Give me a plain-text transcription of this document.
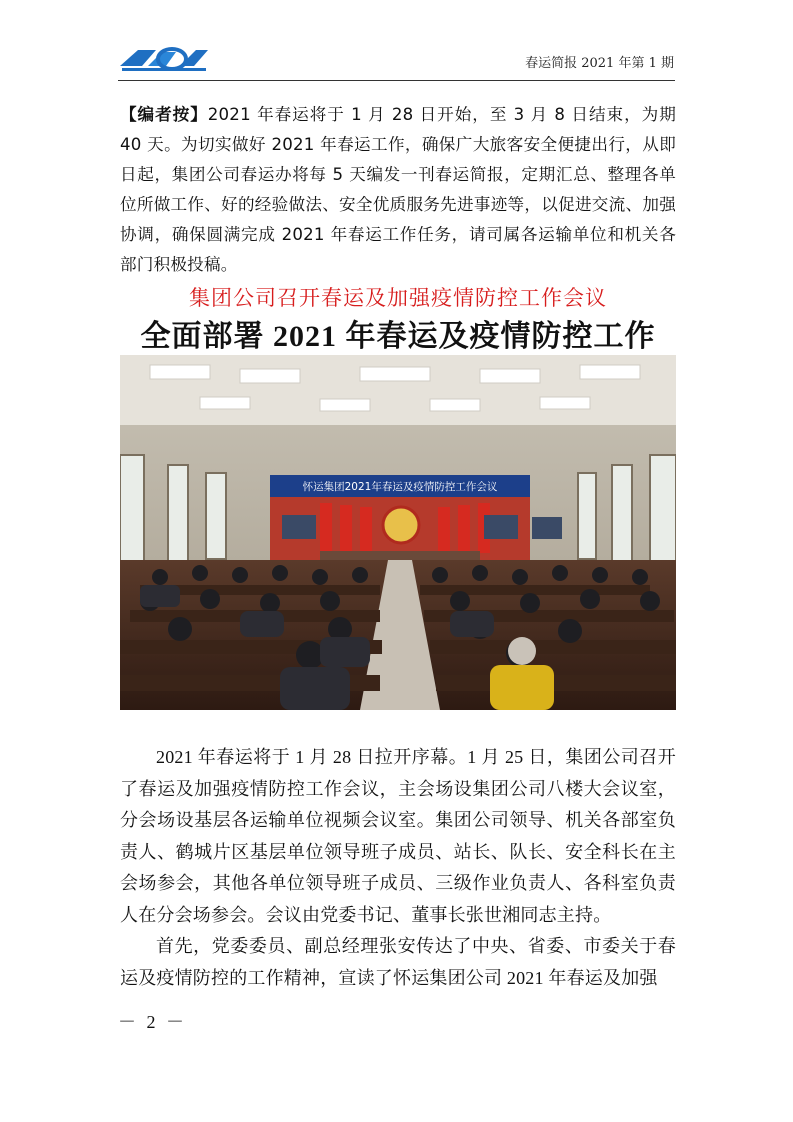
春运简报 2021 年第 1 期
【编者按】2021 年春运将于 1 月 28 日开始，至 3 月 8 日结束，为期 40 天。为切实做好 2021 年春运工作，确保广大旅客安全便捷出行，从即日起，集团公司春运办将每 5 天编发一刊春运简报，定期汇总、整理各单位所做工作、好的经验做法、安全优质服务先进事迹等，以促进交流、加强协调，确保圆满完成 2021 年春运工作任务，请司属各运输单位和机关各部门积极投稿。
集团公司召开春运及加强疫情防控工作会议
全面部署 2021 年春运及疫情防控工作
怀运集团2021年春运及疫情防控工作会议

2021 年春运将于 1 月 28 日拉开序幕。1 月 25 日，集团公司召开了春运及加强疫情防控工作会议，主会场设集团公司八楼大会议室，分会场设基层各运输单位视频会议室。集团公司领导、机关各部室负责人、鹤城片区基层单位领导班子成员、站长、队长、安全科长在主会场参会，其他各单位领导班子成员、三级作业负责人、各科室负责人在分会场参会。会议由党委书记、董事长张世湘同志主持。

首先，党委委员、副总经理张安传达了中央、省委、市委关于春运及疫情防控的工作精神，宣读了怀运集团公司 2021 年春运及加强

－ 2 －
